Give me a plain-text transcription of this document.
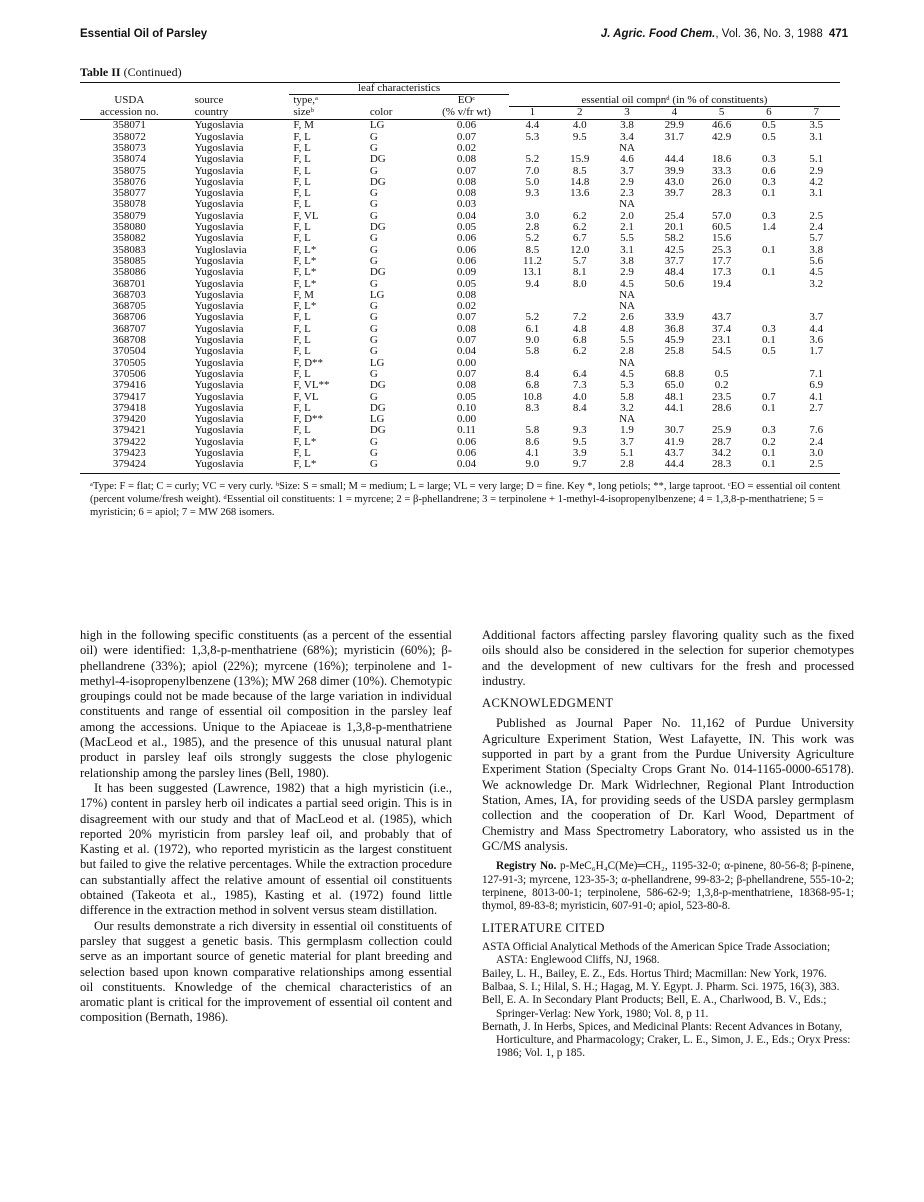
Essential Oil of Parsley	J. Agric. Food Chem., Vol. 36, No. 3, 1988 471
Table II (Continued)
		leaf characteristics									
USDA	source	type,ᵃ		EOᶜ	essential oil compnᵈ (in % of constituents)						
accession no.	country	sizeᵇ	color	(% v/fr wt)	1	2	3	4	5	6	7
358071	Yugoslavia	F, M	LG	0.06	4.4	4.0	3.8	29.9	46.6	0.5	3.5
358072	Yugoslavia	F, L	G	0.07	5.3	9.5	3.4	31.7	42.9	0.5	3.1
358073	Yugoslavia	F, L	G	0.02			NA				
358074	Yugoslavia	F, L	DG	0.08	5.2	15.9	4.6	44.4	18.6	0.3	5.1
358075	Yugoslavia	F, L	G	0.07	7.0	8.5	3.7	39.9	33.3	0.6	2.9
358076	Yugoslavia	F, L	DG	0.08	5.0	14.8	2.9	43.0	26.0	0.3	4.2
358077	Yugoslavia	F, L	G	0.08	9.3	13.6	2.3	39.7	28.3	0.1	3.1
358078	Yugoslavia	F, L	G	0.03			NA				
358079	Yugoslavia	F, VL	G	0.04	3.0	6.2	2.0	25.4	57.0	0.3	2.5
358080	Yugoslavia	F, L	DG	0.05	2.8	6.2	2.1	20.1	60.5	1.4	2.4
358082	Yugoslavia	F, L	G	0.06	5.2	6.7	5.5	58.2	15.6		5.7
358083	Yugloslavia	F, L*	G	0.06	8.5	12.0	3.1	42.5	25.3	0.1	3.8
358085	Yugoslavia	F, L*	G	0.06	11.2	5.7	3.8	37.7	17.7		5.6
358086	Yugoslavia	F, L*	DG	0.09	13.1	8.1	2.9	48.4	17.3	0.1	4.5
368701	Yugoslavia	F, L*	G	0.05	9.4	8.0	4.5	50.6	19.4		3.2
368703	Yugoslavia	F, M	LG	0.08			NA				
368705	Yugoslavia	F, L*	G	0.02			NA				
368706	Yugoslavia	F, L	G	0.07	5.2	7.2	2.6	33.9	43.7		3.7
368707	Yugoslavia	F, L	G	0.08	6.1	4.8	4.8	36.8	37.4	0.3	4.4
368708	Yugoslavia	F, L	G	0.07	9.0	6.8	5.5	45.9	23.1	0.1	3.6
370504	Yugoslavia	F, L	G	0.04	5.8	6.2	2.8	25.8	54.5	0.5	1.7
370505	Yugoslavia	F, D**	LG	0.00			NA				
370506	Yugoslavia	F, L	G	0.07	8.4	6.4	4.5	68.8	0.5		7.1
379416	Yugoslavia	F, VL**	DG	0.08	6.8	7.3	5.3	65.0	0.2		6.9
379417	Yugoslavia	F, VL	G	0.05	10.8	4.0	5.8	48.1	23.5	0.7	4.1
379418	Yugoslavia	F, L	DG	0.10	8.3	8.4	3.2	44.1	28.6	0.1	2.7
379420	Yugoslavia	F, D**	LG	0.00			NA				
379421	Yugoslavia	F, L	DG	0.11	5.8	9.3	1.9	30.7	25.9	0.3	7.6
379422	Yugoslavia	F, L*	G	0.06	8.6	9.5	3.7	41.9	28.7	0.2	2.4
379423	Yugoslavia	F, L	G	0.06	4.1	3.9	5.1	43.7	34.2	0.1	3.0
379424	Yugoslavia	F, L*	G	0.04	9.0	9.7	2.8	44.4	28.3	0.1	2.5
ᵃType: F = flat; C = curly; VC = very curly. ᵇSize: S = small; M = medium; L = large; VL = very large; D = fine. Key *, long petiols; **, large taproot. ᶜEO = essential oil content (percent volume/fresh weight). ᵈEssential oil constituents: 1 = myrcene; 2 = β-phellandrene; 3 = terpinolene + 1-methyl-4-isopropenylbenzene; 4 = 1,3,8-p-menthatriene; 5 = myristicin; 6 = apiol; 7 = MW 268 isomers.

high in the following specific constituents (as a percent of the essential oil) were identified: 1,3,8-p-menthatriene (68%); myristicin (60%); β-phellandrene (33%); apiol (22%); myrcene (16%); terpinolene and 1-methyl-4-isopropenylbenzene (13%); MW 268 dimer (10%). Chemotypic groupings could not be made because of the large variation in individual constituents and range of essential oil composition in the parsley leaf among the accessions. Unique to the Apiaceae is 1,3,8-p-menthatriene (MacLeod et al., 1985), and the presence of this unusual natural plant product in parsley leaf oils strongly suggests the close phylogenic relationship among the parsley lines (Bell, 1980).

It has been suggested (Lawrence, 1982) that a high myristicin (i.e., 17%) content in parsley herb oil indicates a partial seed origin. This is in disagreement with our study and that of MacLeod et al. (1985), which reported 20% myristicin from parsley leaf oil, and probably that of Kasting et al. (1972), who reported myristicin as the largest constituent but failed to give the relative percentages. While the extraction procedure can substantially affect the relative amount of essential oil constituents obtained (Takeota et al., 1985), Kasting et al. (1972) found little difference in the extraction method in solvent versus steam distillation.

Our results demonstrate a rich diversity in essential oil constituents of parsley that suggest a genetic basis. This germplasm collection could serve as an important source of genetic material for plant breeding and selection based upon known comparative relationships among essential oil constituents. Knowledge of the chemical characteristics of an aromatic plant is critical for the improvement of essential oil content and composition (Bernath, 1986).

Additional factors affecting parsley flavoring quality such as the fixed oils should also be considered in the selection for superior chemotypes and the development of new cultivars for the fresh and processed industry.

ACKNOWLEDGMENT

Published as Journal Paper No. 11,162 of Purdue University Agriculture Experiment Station, West Lafayette, IN. This work was supported in part by a grant from the Purdue University Agriculture Experiment Station (Specialty Crops Grant No. 014-1165-0000-65178). We acknowledge Dr. Mark Widrlechner, Regional Plant Introduction Station, Ames, IA, for providing seeds of the USDA parsley germplasm collection and the cooperation of Dr. Karl Wood, Department of Chemistry and Mass Spectrometry Laboratory, who assisted us in the GC/MS analysis.

Registry No. p-MeC₆H₄C(Me)═CH₂, 1195-32-0; α-pinene, 80-56-8; β-pinene, 127-91-3; myrcene, 123-35-3; α-phellandrene, 99-83-2; β-phellandrene, 555-10-2; terpinene, 8013-00-1; terpinolene, 586-62-9; 1,3,8-p-menthatriene, 18368-95-1; thymol, 89-83-8; myristicin, 607-91-0; apiol, 523-80-8.
LITERATURE CITED
ASTA Official Analytical Methods of the American Spice Trade Association; ASTA: Englewood Cliffs, NJ, 1968.
Bailey, L. H., Bailey, E. Z., Eds. Hortus Third; Macmillan: New York, 1976.
Balbaa, S. I.; Hilal, S. H.; Hagag, M. Y. Egypt. J. Pharm. Sci. 1975, 16(3), 383.
Bell, E. A. In Secondary Plant Products; Bell, E. A., Charlwood, B. V., Eds.; Springer-Verlag: New York, 1980; Vol. 8, p 11.
Bernath, J. In Herbs, Spices, and Medicinal Plants: Recent Advances in Botany, Horticulture, and Pharmacology; Craker, L. E., Simon, J. E., Eds.; Oryx Press: 1986; Vol. 1, p 185.
